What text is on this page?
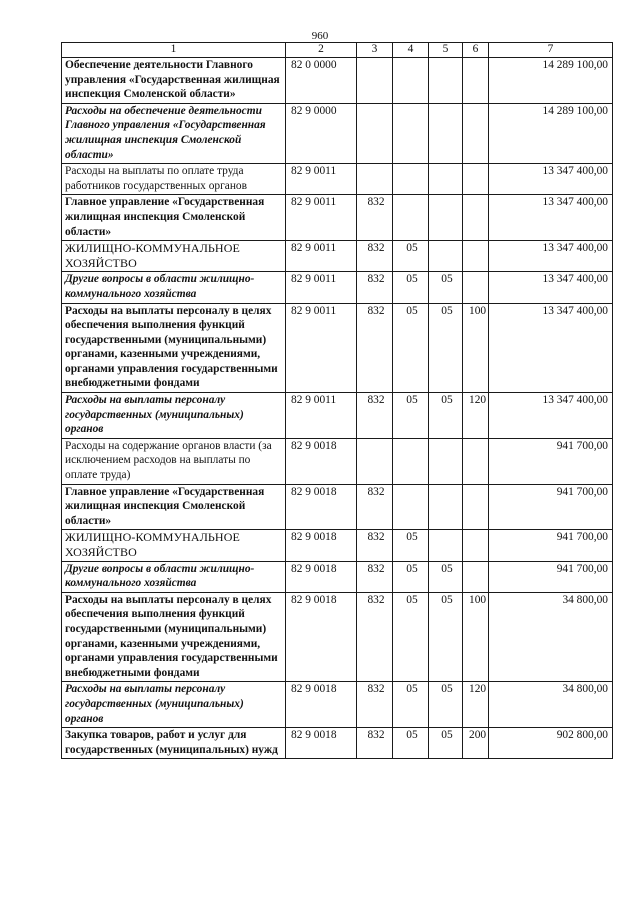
960
1	2	3	4	5	6	7
Обеспечение деятельности Главного управления «Государственная жилищная инспекция Смоленской области»	82 0 0000					14 289 100,00
Расходы на обеспечение деятельности Главного управления «Государственная жилищная инспекция Смоленской области»	82 9 0000					14 289 100,00
Расходы на выплаты по оплате труда работников государственных органов	82 9 0011					13 347 400,00
Главное управление «Государственная жилищная инспекция Смоленской области»	82 9 0011	832				13 347 400,00
ЖИЛИЩНО-КОММУНАЛЬНОЕ ХОЗЯЙСТВО	82 9 0011	832	05			13 347 400,00
Другие вопросы в области жилищно-коммунального хозяйства	82 9 0011	832	05	05		13 347 400,00
Расходы на выплаты персоналу в целях обеспечения выполнения функций государственными (муниципальными) органами, казенными учреждениями, органами управления государственными внебюджетными фондами	82 9 0011	832	05	05	100	13 347 400,00
Расходы на выплаты персоналу государственных (муниципальных) органов	82 9 0011	832	05	05	120	13 347 400,00
Расходы на содержание органов власти (за исключением расходов на выплаты по оплате труда)	82 9 0018					941 700,00
Главное управление «Государственная жилищная инспекция Смоленской области»	82 9 0018	832				941 700,00
ЖИЛИЩНО-КОММУНАЛЬНОЕ ХОЗЯЙСТВО	82 9 0018	832	05			941 700,00
Другие вопросы в области жилищно-коммунального хозяйства	82 9 0018	832	05	05		941 700,00
Расходы на выплаты персоналу в целях обеспечения выполнения функций государственными (муниципальными) органами, казенными учреждениями, органами управления государственными внебюджетными фондами	82 9 0018	832	05	05	100	34 800,00
Расходы на выплаты персоналу государственных (муниципальных) органов	82 9 0018	832	05	05	120	34 800,00
Закупка товаров, работ и услуг для государственных (муниципальных) нужд	82 9 0018	832	05	05	200	902 800,00
